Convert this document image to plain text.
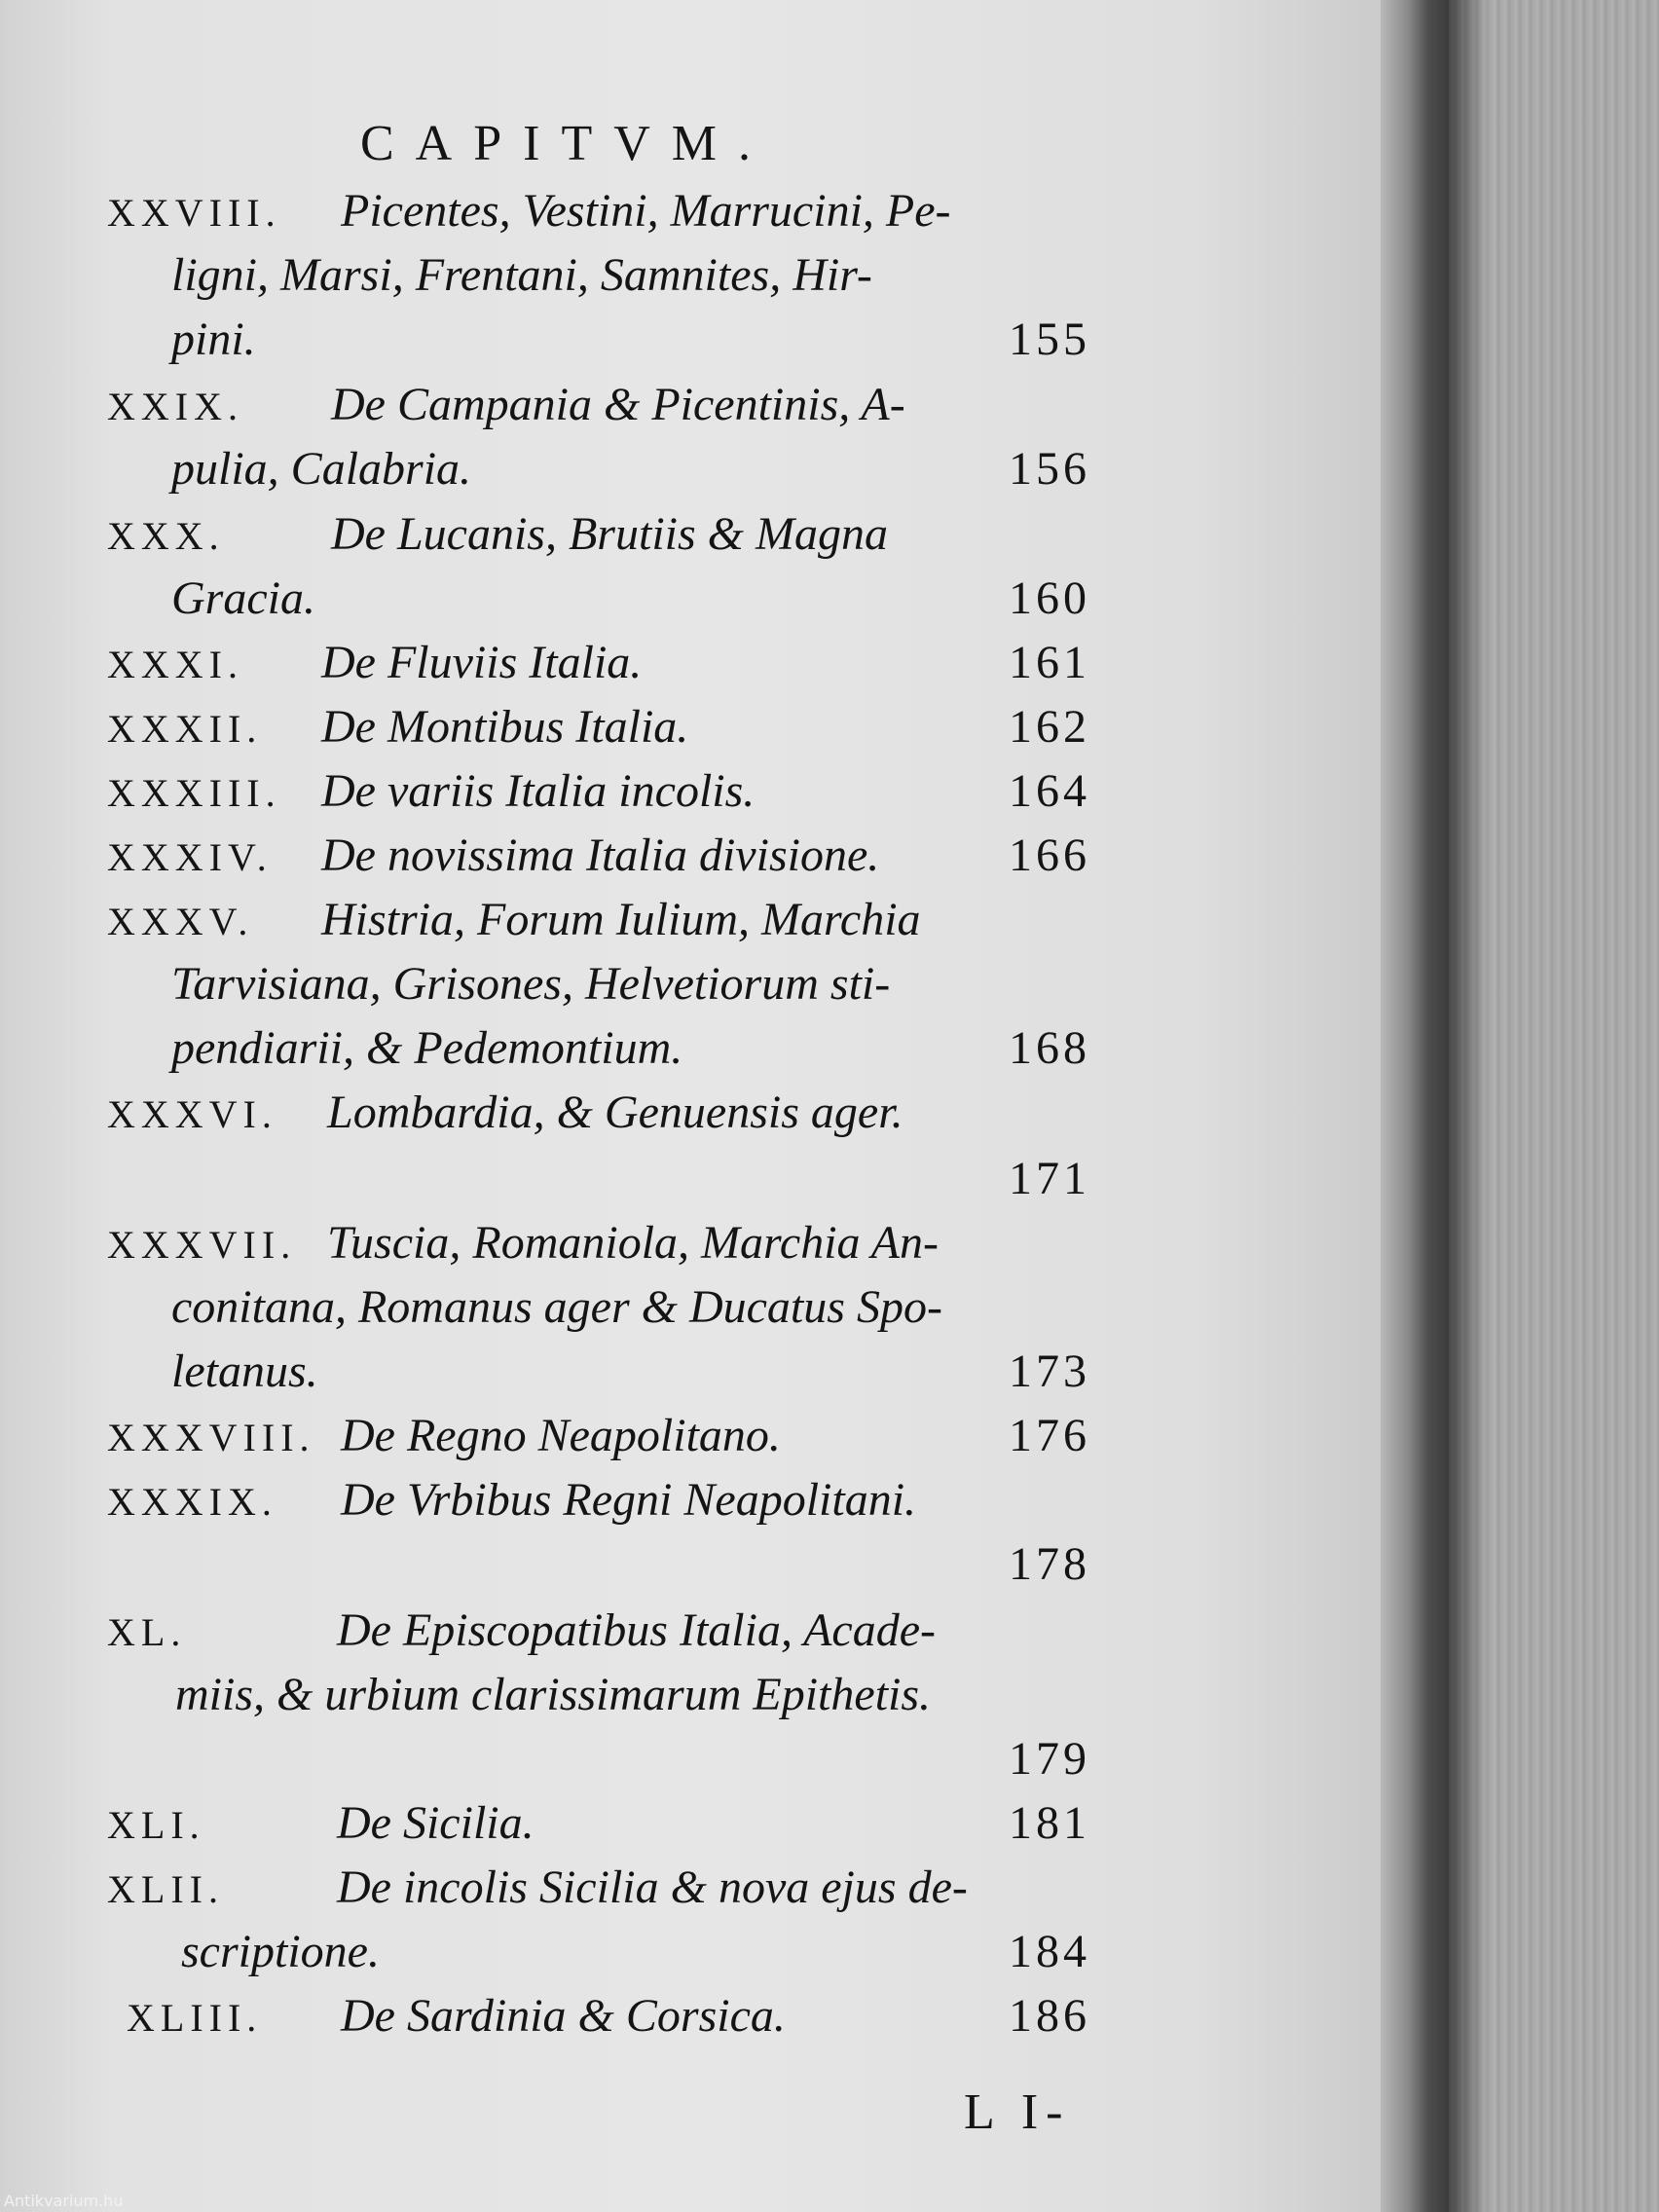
CAPITVM.
XXVIII. Picentes, Vestini, Marrucini, Pe-
ligni, Marsi, Frentani, Samnites, Hir-
pini.	155
XXIX. De Campania & Picentinis, A-
pulia, Calabria.	156
XXX. De Lucanis, Brutiis & Magna
Gracia.	160
XXXI. De Fluviis Italia.	161
XXXII. De Montibus Italia.	162
XXXIII. De variis Italia incolis.	164
XXXIV. De novissima Italia divisione.	166
XXXV. Histria, Forum Iulium, Marchia
Tarvisiana, Grisones, Helvetiorum sti-
pendiarii, & Pedemontium.	168
XXXVI. Lombardia, & Genuensis ager.
171
XXXVII. Tuscia, Romaniola, Marchia An-
conitana, Romanus ager & Ducatus Spo-
letanus.	173
XXXVIII. De Regno Neapolitano.	176
XXXIX. De Vrbibus Regni Neapolitani.
178
XL.	De Episcopatibus Italia, Acade-
miis, & urbium clarissimarum Epithetis.
179
XLI.	De Sicilia.	181
XLII. De incolis Sicilia & nova ejus de-
scriptione.	184
XLIII. De Sardinia & Corsica.	186
L I-
Antikvarium.hu
